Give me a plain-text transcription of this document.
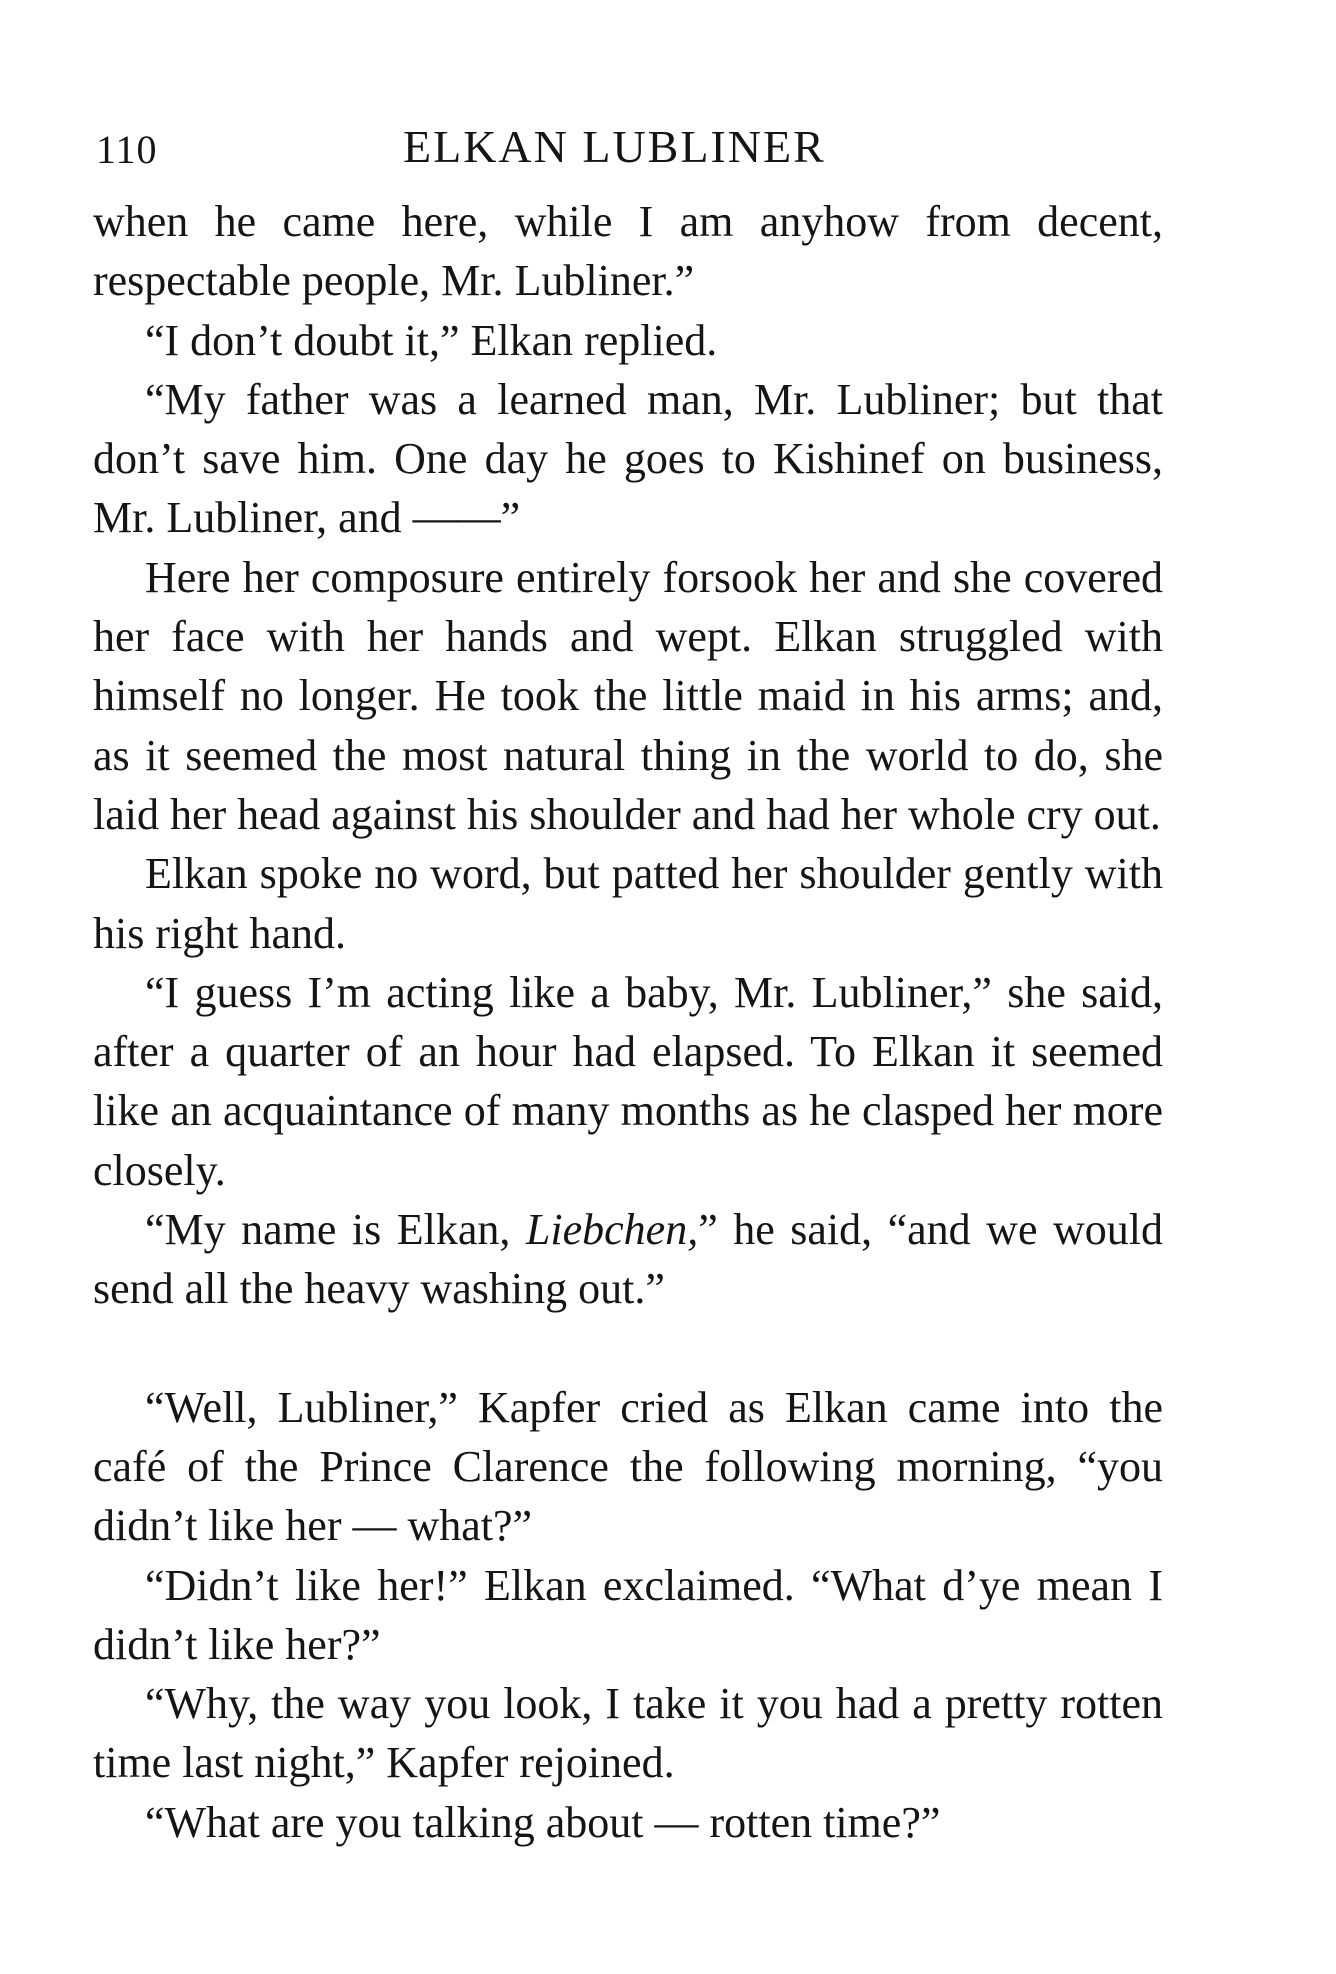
110	ELKAN LUBLINER

when he came here, while I am anyhow from decent, respectable people, Mr. Lubliner.”

“I don’t doubt it,” Elkan replied.

“My father was a learned man, Mr. Lubliner; but that don’t save him. One day he goes to Kishinef on business, Mr. Lubliner, and ——”

Here her composure entirely forsook her and she covered her face with her hands and wept. Elkan struggled with himself no longer. He took the little maid in his arms; and, as it seemed the most natural thing in the world to do, she laid her head against his shoulder and had her whole cry out.

Elkan spoke no word, but patted her shoulder gently with his right hand.

“I guess I’m acting like a baby, Mr. Lubliner,” she said, after a quarter of an hour had elapsed. To Elkan it seemed like an acquaintance of many months as he clasped her more closely.

“My name is Elkan, Liebchen,” he said, “and we would send all the heavy washing out.”

“Well, Lubliner,” Kapfer cried as Elkan came into the café of the Prince Clarence the following morning, “you didn’t like her — what?”

“Didn’t like her!” Elkan exclaimed. “What d’ye mean I didn’t like her?”

“Why, the way you look, I take it you had a pretty rotten time last night,” Kapfer rejoined.

“What are you talking about — rotten time?”
